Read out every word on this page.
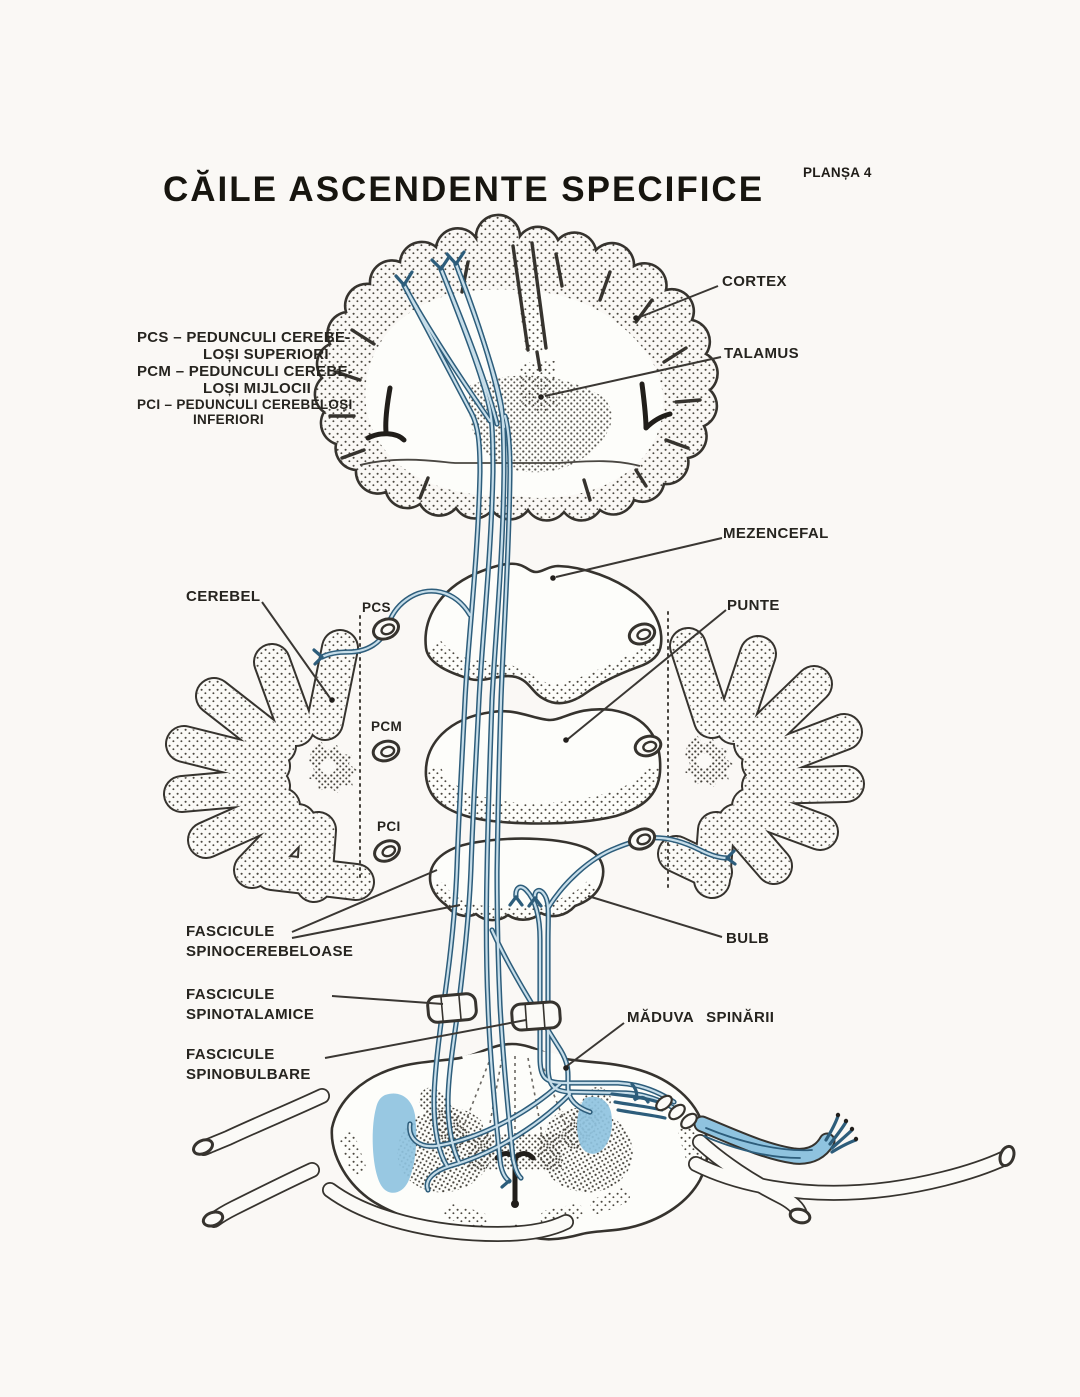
CĂILE ASCENDENTE SPECIFICE	PLANȘA 4
PCS – PEDUNCULI CEREBE-
LOȘI SUPERIORI
PCM – PEDUNCULI CEREBE-
LOȘI MIJLOCII
PCI – PEDUNCULI CEREBELOȘI
INFERIORI
CORTEX
TALAMUS
MEZENCEFAL
PUNTE
CEREBEL
PCS
PCM
PCI
BULB
MĂDUVA SPINĂRII
FASCICULE
SPINOCEREBELOASE
FASCICULE
SPINOTALAMICE
FASCICULE
SPINOBULBARE
